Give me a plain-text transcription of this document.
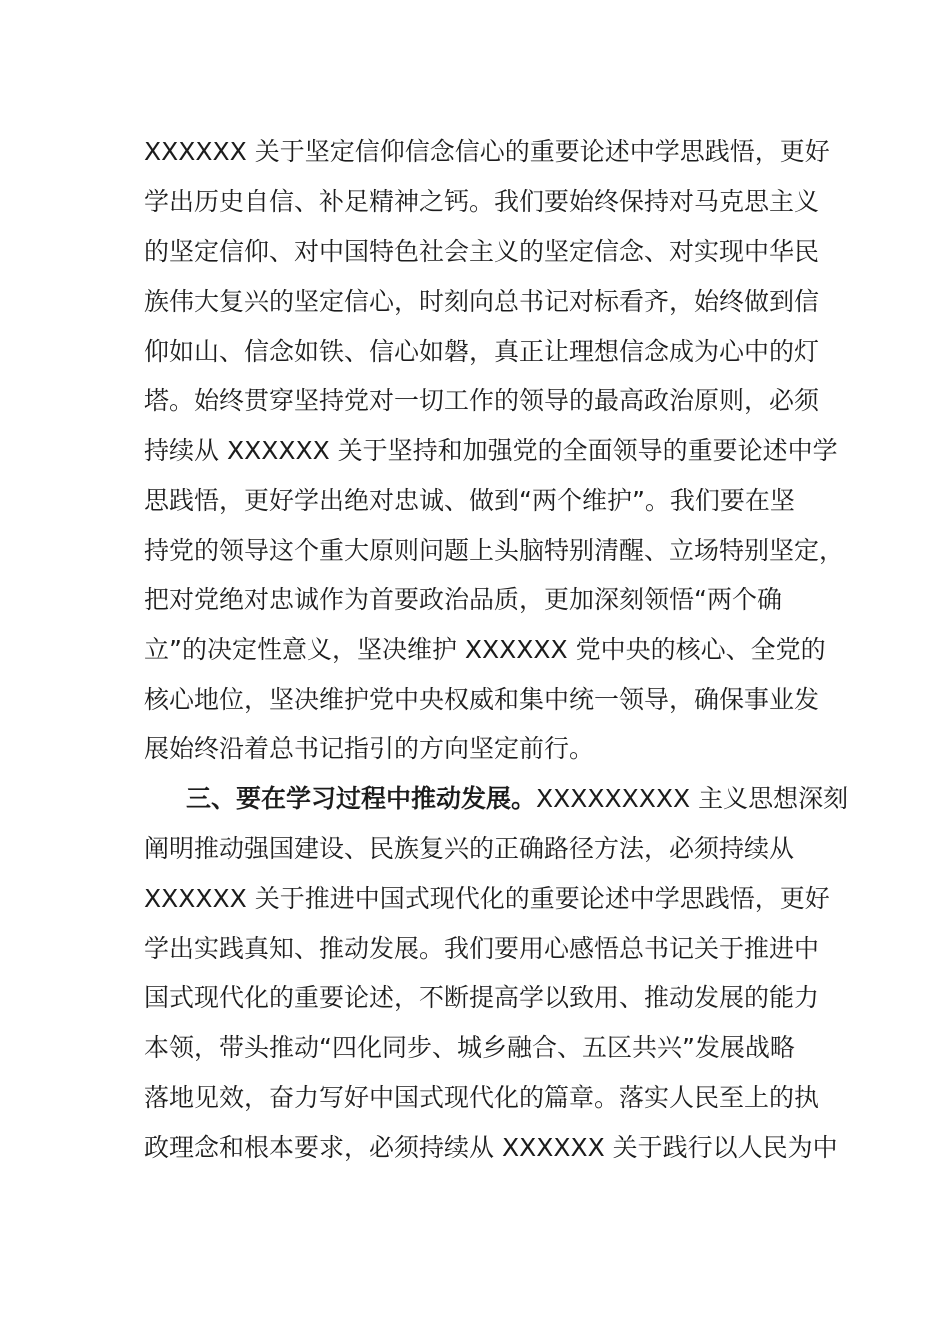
XXXXXX 关于坚定信仰信念信心的重要论述中学思践悟，更好
学出历史自信、补足精神之钙。我们要始终保持对马克思主义
的坚定信仰、对中国特色社会主义的坚定信念、对实现中华民
族伟大复兴的坚定信心，时刻向总书记对标看齐，始终做到信
仰如山、信念如铁、信心如磐，真正让理想信念成为心中的灯
塔。始终贯穿坚持党对一切工作的领导的最高政治原则，必须
持续从 XXXXXX 关于坚持和加强党的全面领导的重要论述中学
思践悟，更好学出绝对忠诚、做到“两个维护”。我们要在坚
持党的领导这个重大原则问题上头脑特别清醒、立场特别坚定，
把对党绝对忠诚作为首要政治品质，更加深刻领悟“两个确
立”的决定性意义，坚决维护 XXXXXX 党中央的核心、全党的
核心地位，坚决维护党中央权威和集中统一领导，确保事业发
展始终沿着总书记指引的方向坚定前行。
三、要在学习过程中推动发展。XXXXXXXXX 主义思想深刻
阐明推动强国建设、民族复兴的正确路径方法，必须持续从
XXXXXX 关于推进中国式现代化的重要论述中学思践悟，更好
学出实践真知、推动发展。我们要用心感悟总书记关于推进中
国式现代化的重要论述，不断提高学以致用、推动发展的能力
本领，带头推动“四化同步、城乡融合、五区共兴”发展战略
落地见效，奋力写好中国式现代化的篇章。落实人民至上的执
政理念和根本要求，必须持续从 XXXXXX 关于践行以人民为中
